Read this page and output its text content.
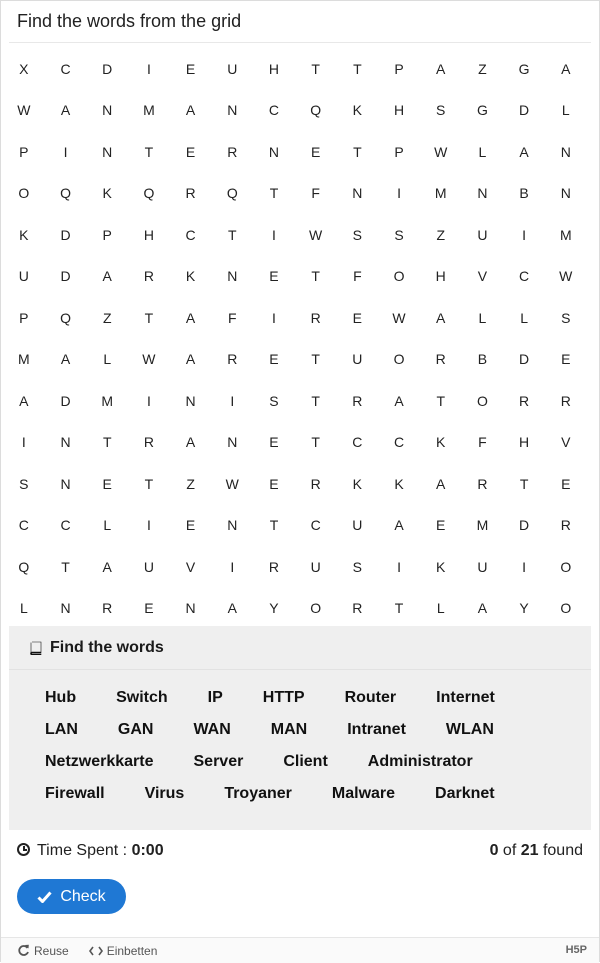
Find the words from the grid
X	C	D	I	E	U	H	T	T	P	A	Z	G	A
W	A	N	M	A	N	C	Q	K	H	S	G	D	L
P	I	N	T	E	R	N	E	T	P	W	L	A	N
O	Q	K	Q	R	Q	T	F	N	I	M	N	B	N
K	D	P	H	C	T	I	W	S	S	Z	U	I	M
U	D	A	R	K	N	E	T	F	O	H	V	C	W
P	Q	Z	T	A	F	I	R	E	W	A	L	L	S
M	A	L	W	A	R	E	T	U	O	R	B	D	E
A	D	M	I	N	I	S	T	R	A	T	O	R	R
I	N	T	R	A	N	E	T	C	C	K	F	H	V
S	N	E	T	Z	W	E	R	K	K	A	R	T	E
C	C	L	I	E	N	T	C	U	A	E	M	D	R
Q	T	A	U	V	I	R	U	S	I	K	U	I	O
L	N	R	E	N	A	Y	O	R	T	L	A	Y	O
Find the words
Hub	Switch	IP	HTTP	Router	Internet
LAN	GAN	WAN	MAN	Intranet	WLAN
Netzwerkkarte	Server	Client	Administrator
Firewall	Virus	Troyaner	Malware	Darknet
Time Spent : 0:00	0 of 21 found
Check
Reuse	Einbetten	H5P
